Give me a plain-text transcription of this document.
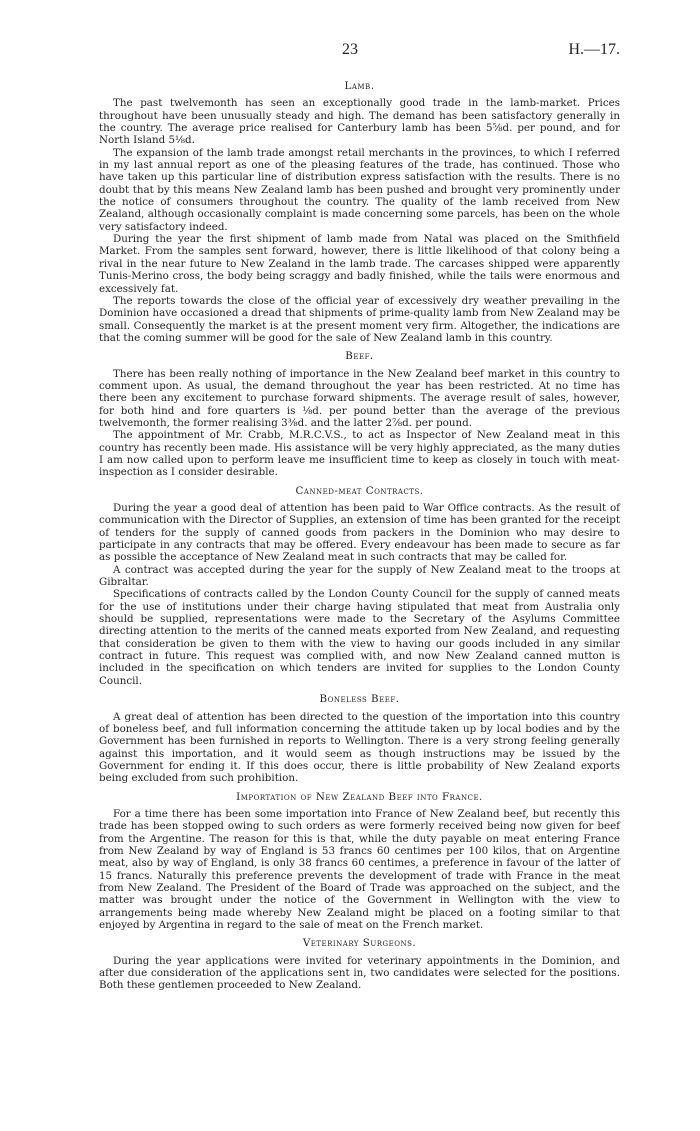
23	H.—17.
Lamb.

The past twelvemonth has seen an exceptionally good trade in the lamb-market. Prices throughout have been unusually steady and high. The demand has been satisfactory generally in the country. The average price realised for Canterbury lamb has been 5⅝d. per pound, and for North Island 5⅛d.

The expansion of the lamb trade amongst retail merchants in the provinces, to which I referred in my last annual report as one of the pleasing features of the trade, has continued. Those who have taken up this particular line of distribution express satisfaction with the results. There is no doubt that by this means New Zealand lamb has been pushed and brought very prominently under the notice of consumers throughout the country. The quality of the lamb received from New Zealand, although occasionally complaint is made concerning some parcels, has been on the whole very satisfactory indeed.

During the year the first shipment of lamb made from Natal was placed on the Smithfield Market. From the samples sent forward, however, there is little likelihood of that colony being a rival in the near future to New Zealand in the lamb trade. The carcases shipped were apparently Tunis-Merino cross, the body being scraggy and badly finished, while the tails were enormous and excessively fat.

The reports towards the close of the official year of excessively dry weather prevailing in the Dominion have occasioned a dread that shipments of prime-quality lamb from New Zealand may be small. Consequently the market is at the present moment very firm. Altogether, the indications are that the coming summer will be good for the sale of New Zealand lamb in this country.

Beef.

There has been really nothing of importance in the New Zealand beef market in this country to comment upon. As usual, the demand throughout the year has been restricted. At no time has there been any excitement to purchase forward shipments. The average result of sales, however, for both hind and fore quarters is ⅛d. per pound better than the average of the previous twelvemonth, the former realising 3⅜d. and the latter 2⅞d. per pound.

The appointment of Mr. Crabb, M.R.C.V.S., to act as Inspector of New Zealand meat in this country has recently been made. His assistance will be very highly appreciated, as the many duties I am now called upon to perform leave me insufficient time to keep as closely in touch with meat-inspection as I consider desirable.

Canned-meat Contracts.

During the year a good deal of attention has been paid to War Office contracts. As the result of communication with the Director of Supplies, an extension of time has been granted for the receipt of tenders for the supply of canned goods from packers in the Dominion who may desire to participate in any contracts that may be offered. Every endeavour has been made to secure as far as possible the acceptance of New Zealand meat in such contracts that may be called for.

A contract was accepted during the year for the supply of New Zealand meat to the troops at Gibraltar.

Specifications of contracts called by the London County Council for the supply of canned meats for the use of institutions under their charge having stipulated that meat from Australia only should be supplied, representations were made to the Secretary of the Asylums Committee directing attention to the merits of the canned meats exported from New Zealand, and requesting that consideration be given to them with the view to having our goods included in any similar contract in future. This request was complied with, and now New Zealand canned mutton is included in the specification on which tenders are invited for supplies to the London County Council.

Boneless Beef.

A great deal of attention has been directed to the question of the importation into this country of boneless beef, and full information concerning the attitude taken up by local bodies and by the Government has been furnished in reports to Wellington. There is a very strong feeling generally against this importation, and it would seem as though instructions may be issued by the Government for ending it. If this does occur, there is little probability of New Zealand exports being excluded from such prohibition.

Importation of New Zealand Beef into France.

For a time there has been some importation into France of New Zealand beef, but recently this trade has been stopped owing to such orders as were formerly received being now given for beef from the Argentine. The reason for this is that, while the duty payable on meat entering France from New Zealand by way of England is 53 francs 60 centimes per 100 kilos, that on Argentine meat, also by way of England, is only 38 francs 60 centimes, a preference in favour of the latter of 15 francs. Naturally this preference prevents the development of trade with France in the meat from New Zealand. The President of the Board of Trade was approached on the subject, and the matter was brought under the notice of the Government in Wellington with the view to arrangements being made whereby New Zealand might be placed on a footing similar to that enjoyed by Argentina in regard to the sale of meat on the French market.

Veterinary Surgeons.

During the year applications were invited for veterinary appointments in the Dominion, and after due consideration of the applications sent in, two candidates were selected for the positions. Both these gentlemen proceeded to New Zealand.
